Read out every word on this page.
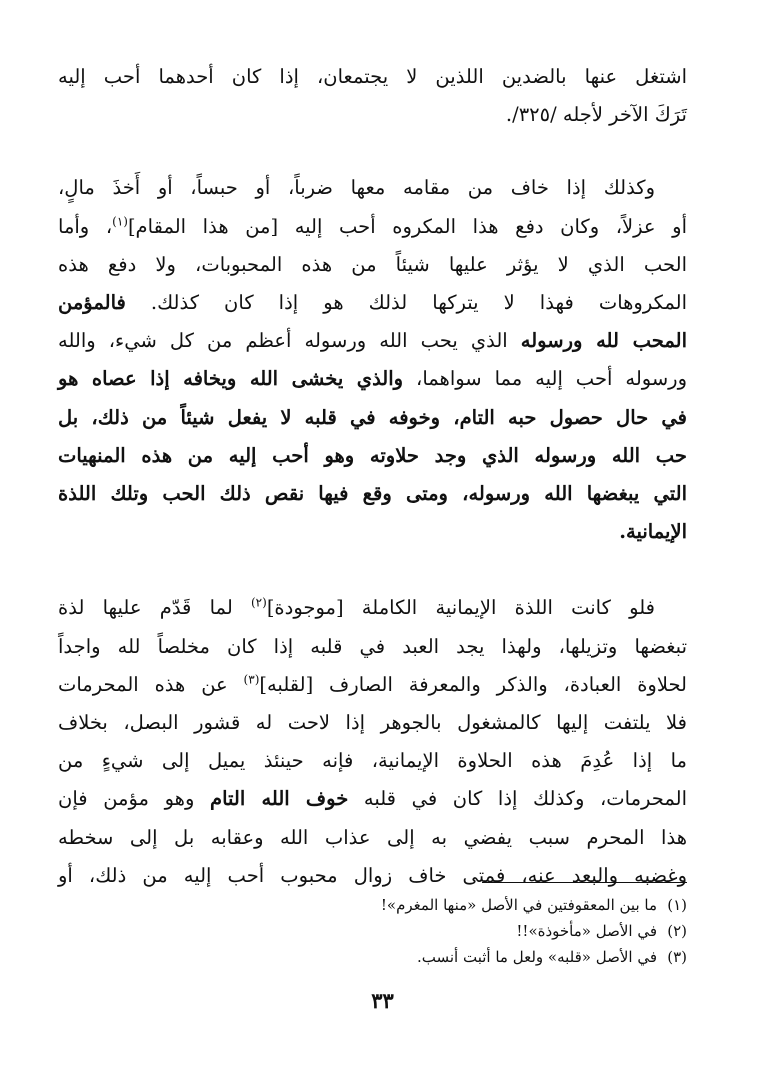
اشتغل عنها بالضدين اللذين لا يجتمعان، إذا كان أحدهما أحب إليه
تَرَكَ الآخر لأجله /٣٢٥/.

وكذلك إذا خاف من مقامه معها ضرباً، أو حبساً، أو أَخذَ مالٍ،
أو عزلاً، وكان دفع هذا المكروه أحب إليه [من هذا المقام]$^{(١)}$، وأما
الحب الذي لا يؤثر عليها شيئاً من هذه المحبوبات، ولا دفع هذه
المكروهات فهذا لا يتركها لذلك هو إذا كان كذلك. فالمؤمن
المحب لله ورسوله الذي يحب الله ورسوله أعظم من كل شيء، والله
ورسوله أحب إليه مما سواهما، والذي يخشى الله ويخافه إذا عصاه هو
في حال حصول حبه التام، وخوفه في قلبه لا يفعل شيئاً من ذلك، بل
حب الله ورسوله الذي وجد حلاوته وهو أحب إليه من هذه المنهيات
التي يبغضها الله ورسوله، ومتى وقع فيها نقص ذلك الحب وتلك اللذة
الإيمانية.

فلو كانت اللذة الإيمانية الكاملة [موجودة]$^{(٢)}$ لما قَدّم عليها لذة
تبغضها وتزيلها، ولهذا يجد العبد في قلبه إذا كان مخلصاً لله واجداً
لحلاوة العبادة، والذكر والمعرفة الصارف [لقلبه]$^{(٣)}$ عن هذه المحرمات
فلا يلتفت إليها كالمشغول بالجوهر إذا لاحت له قشور البصل، بخلاف
ما إذا عُدِمَ هذه الحلاوة الإيمانية، فإنه حينئذ يميل إلى شيءٍ من
المحرمات، وكذلك إذا كان في قلبه خوف الله التام وهو مؤمن فإن
هذا المحرم سبب يفضي به إلى عذاب الله وعقابه بل إلى سخطه
وغضبه والبعد عنه، فمتى خاف زوال محبوب أحب إليه من ذلك، أو

(١)ما بين المعقوفتين في الأصل «منها المغرم»!
(٢)في الأصل «مأخوذة»!!
(٣)في الأصل «قلبه» ولعل ما أثبت أنسب.
٣٣
